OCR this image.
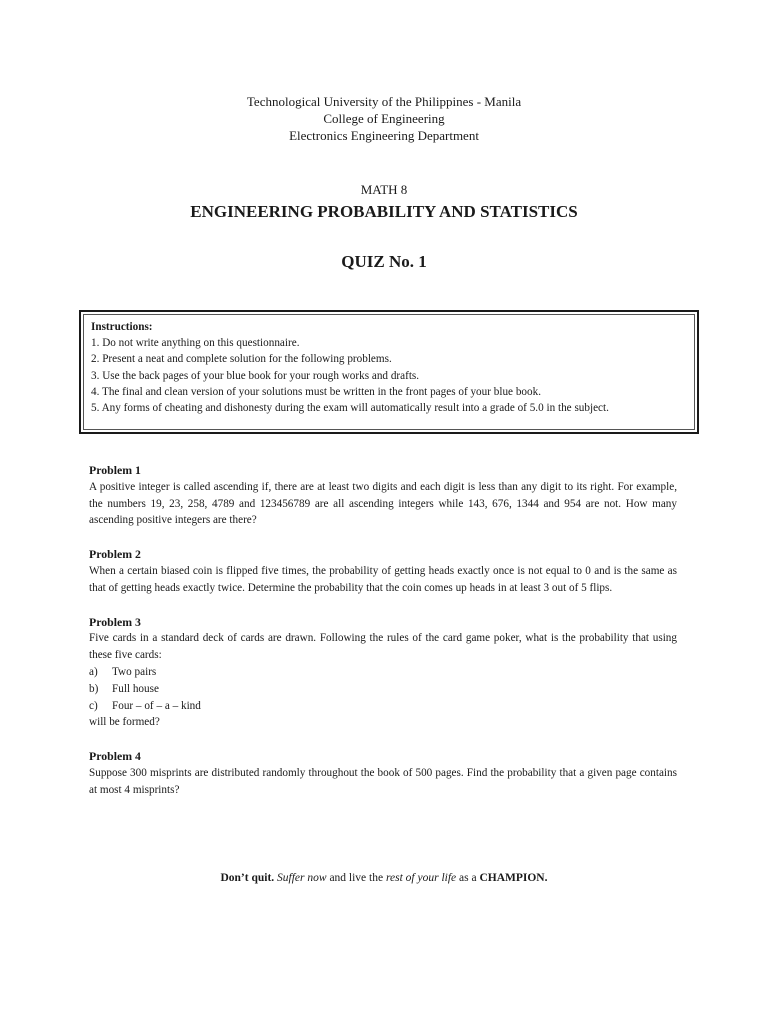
Technological University of the Philippines - Manila
College of Engineering
Electronics Engineering Department
MATH 8
ENGINEERING PROBABILITY AND STATISTICS
QUIZ No. 1
Instructions:
1. Do not write anything on this questionnaire.
2. Present a neat and complete solution for the following problems.
3. Use the back pages of your blue book for your rough works and drafts.
4. The final and clean version of your solutions must be written in the front pages of your blue book.
5. Any forms of cheating and dishonesty during the exam will automatically result into a grade of 5.0 in the subject.
Problem 1
A positive integer is called ascending if, there are at least two digits and each digit is less than any digit to its right. For example, the numbers 19, 23, 258, 4789 and 123456789 are all ascending integers while 143, 676, 1344 and 954 are not. How many ascending positive integers are there?
Problem 2
When a certain biased coin is flipped five times, the probability of getting heads exactly once is not equal to 0 and is the same as that of getting heads exactly twice. Determine the probability that the coin comes up heads in at least 3 out of 5 flips.
Problem 3
Five cards in a standard deck of cards are drawn. Following the rules of the card game poker, what is the probability that using these five cards:
a)	Two pairs
b)	Full house
c)	Four – of – a – kind
will be formed?
Problem 4
Suppose 300 misprints are distributed randomly throughout the book of 500 pages. Find the probability that a given page contains at most 4 misprints?
Don’t quit. Suffer now and live the rest of your life as a CHAMPION.
